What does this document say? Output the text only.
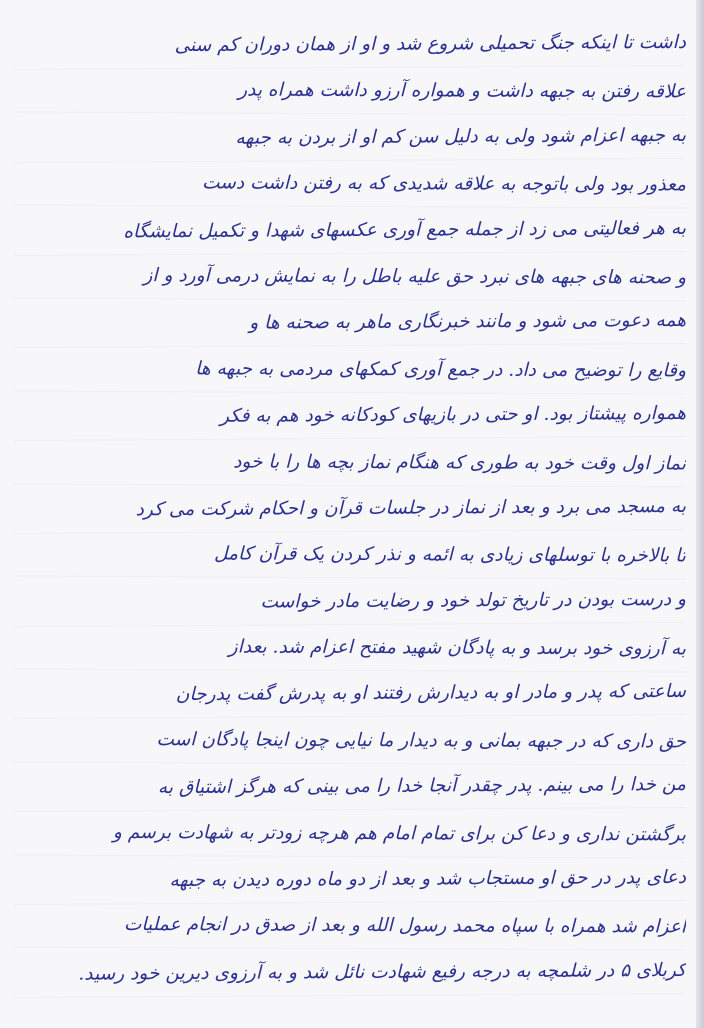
داشت تا اینکه جنگ تحمیلی شروع شد و او از همان دوران کم سنی
علاقه رفتن به جبهه داشت و همواره آرزو داشت همراه پدر
به جبهه اعزام شود ولی به دلیل سن کم او از بردن به جبهه
معذور بود ولی باتوجه به علاقه شدیدی که به رفتن داشت دست
به هر فعالیتی می زد از جمله جمع آوری عکسهای شهدا و تکمیل نمایشگاه
و صحنه های جبهه های نبرد حق علیه باطل را به نمایش درمی آورد و از
همه دعوت می شود و مانند خبرنگاری ماهر به صحنه ها و
وقایع را توضیح می داد. در جمع آوری کمکهای مردمی به جبهه ها
همواره پیشتاز بود. او حتی در بازیهای کودکانه خود هم به فکر
نماز اول وقت خود به طوری که هنگام نماز بچه ها را با خود
به مسجد می برد و بعد از نماز در جلسات قرآن و احکام شرکت می کرد
تا بالاخره با توسلهای زیادی به ائمه و نذر کردن یک قرآن کامل
و درست بودن در تاریخ تولد خود و رضایت مادر خواست
به آرزوی خود برسد و به پادگان شهید مفتح اعزام شد. بعداز
ساعتی که پدر و مادر او به دیدارش رفتند او به پدرش گفت پدرجان
حق داری که در جبهه بمانی و به دیدار ما نیایی چون اینجا پادگان است
من خدا را می بینم. پدر چقدر آنجا خدا را می بینی که هرگز اشتیاق به
برگشتن نداری و دعا کن برای تمام امام هم هرچه زودتر به شهادت برسم و
دعای پدر در حق او مستجاب شد و بعد از دو ماه دوره دیدن به جبهه
اعزام شد همراه با سپاه محمد رسول الله و بعد از صدق در انجام عملیات
کربلای ۵ در شلمچه به درجه رفیع شهادت نائل شد و به آرزوی دیرین خود رسید.
